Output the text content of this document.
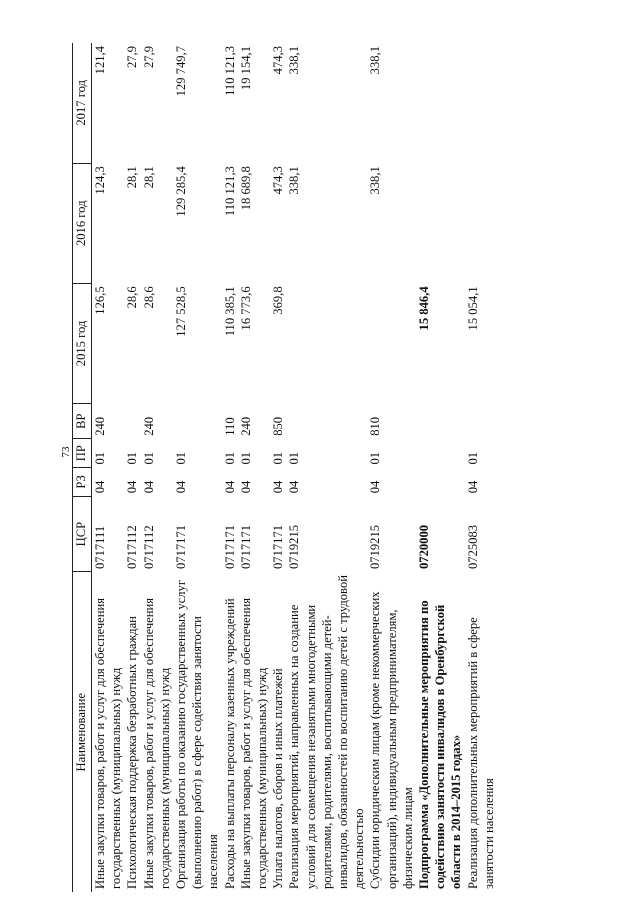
73
Наименование	ЦСР	РЗ	ПР	ВР	2015 год	2016 год	2017 год
Иные закупки товаров, работ и услуг для обеспечения государственных (муниципальных) нужд	0717111	04	01	240	126,5	124,3	121,4
Психологическая поддержка безработных граждан	0717112	04	01		28,6	28,1	27,9
Иные закупки товаров, работ и услуг для обеспечения государственных (муниципальных) нужд	0717112	04	01	240	28,6	28,1	27,9
Организация работы по оказанию государственных услуг (выполнению работ) в сфере содействия занятости населения	0717171	04	01		127 528,5	129 285,4	129 749,7
Расходы на выплаты персоналу казенных учреждений	0717171	04	01	110	110 385,1	110 121,3	110 121,3
Иные закупки товаров, работ и услуг для обеспечения государственных (муниципальных) нужд	0717171	04	01	240	16 773,6	18 689,8	19 154,1
Уплата налогов, сборов и иных платежей	0717171	04	01	850	369,8	474,3	474,3
Реализация мероприятий, направленных на создание условий для совмещения незанятыми многодетными родителями, родителями, воспитывающими детей-инвалидов, обязанностей по воспитанию детей с трудовой деятельностью	0719215	04	01			338,1	338,1
Субсидии юридическим лицам (кроме некоммерческих организаций), индивидуальным предпринимателям, физическим лицам	0719215	04	01	810		338,1	338,1
Подпрограмма «Дополнительные мероприятия по содействию занятости инвалидов в Оренбургской области в 2014–2015 годах»	0720000				15 846,4		
Реализация дополнительных мероприятий в сфере занятости населения	0725083	04	01		15 054,1		
